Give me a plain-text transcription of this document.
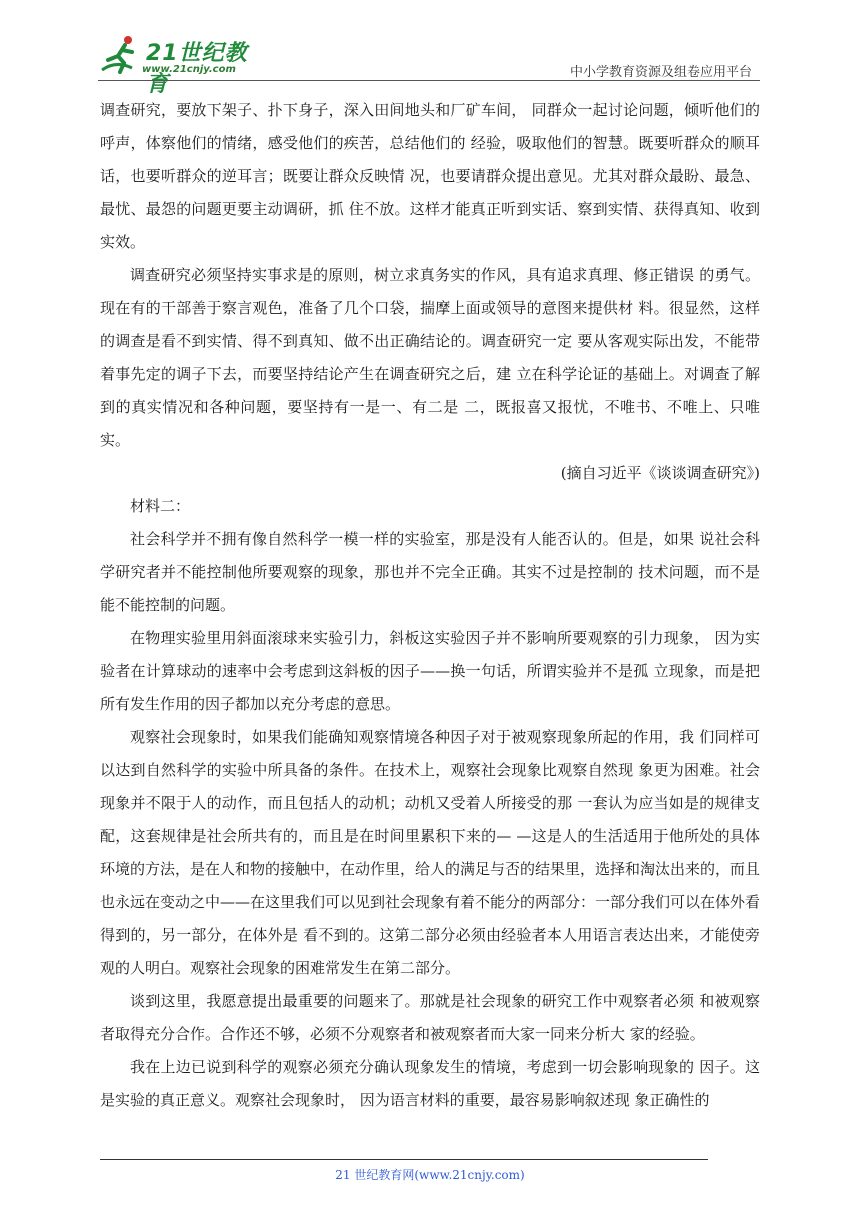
21世纪教育
www.21cnjy.com	中小学教育资源及组卷应用平台

调查研究，要放下架子、扑下身子，深入田间地头和厂矿车间， 同群众一起讨论问题，倾听他们的呼声，体察他们的情绪，感受他们的疾苦，总结他们的 经验，吸取他们的智慧。既要听群众的顺耳话，也要听群众的逆耳言；既要让群众反映情 况，也要请群众提出意见。尤其对群众最盼、最急、最忧、最怨的问题更要主动调研，抓 住不放。这样才能真正听到实话、察到实情、获得真知、收到实效。

调查研究必须坚持实事求是的原则，树立求真务实的作风，具有追求真理、修正错误 的勇气。现在有的干部善于察言观色，准备了几个口袋，揣摩上面或领导的意图来提供材 料。很显然，这样的调查是看不到实情、得不到真知、做不出正确结论的。调查研究一定 要从客观实际出发，不能带着事先定的调子下去，而要坚持结论产生在调查研究之后，建 立在科学论证的基础上。对调查了解到的真实情况和各种问题，要坚持有一是一、有二是 二，既报喜又报忧，不唯书、不唯上、只唯实。

(摘自习近平《谈谈调查研究》)

材料二：

社会科学并不拥有像自然科学一模一样的实验室，那是没有人能否认的。但是，如果 说社会科学研究者并不能控制他所要观察的现象，那也并不完全正确。其实不过是控制的 技术问题，而不是能不能控制的问题。

在物理实验里用斜面滚球来实验引力，斜板这实验因子并不影响所要观察的引力现象， 因为实验者在计算球动的速率中会考虑到这斜板的因子——换一句话，所谓实验并不是孤 立现象，而是把所有发生作用的因子都加以充分考虑的意思。

观察社会现象时，如果我们能确知观察情境各种因子对于被观察现象所起的作用，我 们同样可以达到自然科学的实验中所具备的条件。在技术上，观察社会现象比观察自然现 象更为困难。社会现象并不限于人的动作，而且包括人的动机；动机又受着人所接受的那 一套认为应当如是的规律支配，这套规律是社会所共有的，而且是在时间里累积下来的— —这是人的生活适用于他所处的具体环境的方法，是在人和物的接触中，在动作里，给人的满足与否的结果里，选择和淘汰出来的，而且也永远在变动之中——在这里我们可以见到社会现象有着不能分的两部分：一部分我们可以在体外看得到的，另一部分，在体外是 看不到的。这第二部分必须由经验者本人用语言表达出来，才能使旁观的人明白。观察社会现象的困难常发生在第二部分。

谈到这里，我愿意提出最重要的问题来了。那就是社会现象的研究工作中观察者必须 和被观察者取得充分合作。合作还不够，必须不分观察者和被观察者而大家一同来分析大 家的经验。

我在上边已说到科学的观察必须充分确认现象发生的情境，考虑到一切会影响现象的 因子。这是实验的真正意义。观察社会现象时， 因为语言材料的重要，最容易影响叙述现 象正确性的

21 世纪教育网(www.21cnjy.com)
